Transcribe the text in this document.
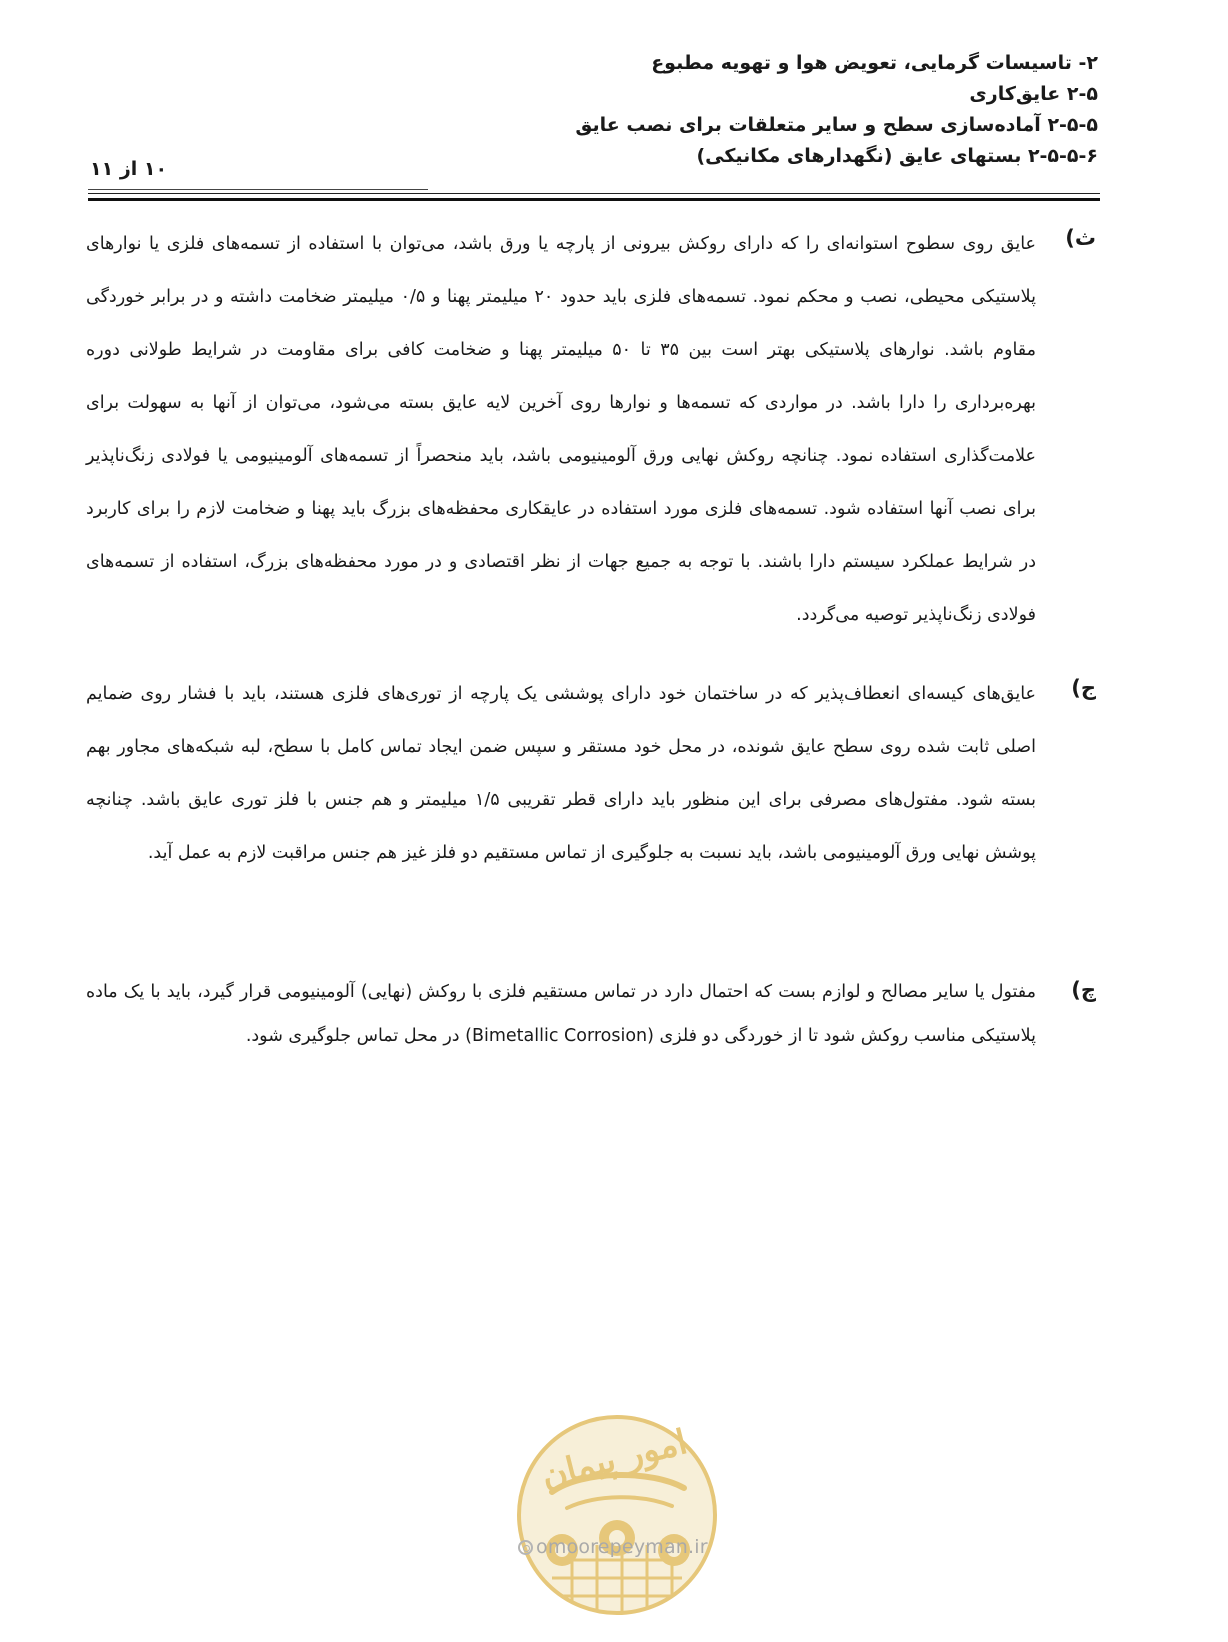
۲- تاسیسات گرمایی، تعویض هوا و تهویه مطبوع
۲-۵ عایق‌کاری
۲-۵-۵ آماده‌سازی سطح و سایر متعلقات برای نصب عایق
۲-۵-۵-۶ بستهای عایق (نگهدارهای مکانیکی)
۱۰ از ۱۱
ث)
عایق روی سطوح استوانه‌ای را که دارای روکش بیرونی از پارچه یا ورق باشد، می‌توان با استفاده از تسمه‌های فلزی یا نوارهای پلاستیکی محیطی، نصب و محکم نمود. تسمه‌های فلزی باید حدود ۲۰ میلیمتر پهنا و ۰/۵ میلیمتر ضخامت داشته و در برابر خوردگی مقاوم باشد. نوارهای پلاستیکی بهتر است بین ۳۵ تا ۵۰ میلیمتر پهنا و ضخامت کافی برای مقاومت در شرایط طولانی دوره بهره‌برداری را دارا باشد. در مواردی که تسمه‌ها و نوارها روی آخرین لایه عایق بسته می‌شود، می‌توان از آنها به سهولت برای علامت‌گذاری استفاده نمود. چنانچه روکش نهایی ورق آلومینیومی باشد، باید منحصراً از تسمه‌های آلومینیومی یا فولادی زنگ‌ناپذیر برای نصب آنها استفاده شود. تسمه‌های فلزی مورد استفاده در عایقکاری محفظه‌های بزرگ باید پهنا و ضخامت لازم را برای کاربرد در شرایط عملکرد سیستم دارا باشند. با توجه به جمیع جهات از نظر اقتصادی و در مورد محفظه‌های بزرگ، استفاده از تسمه‌های فولادی زنگ‌ناپذیر توصیه می‌گردد.
ج)
عایق‌های کیسه‌ای انعطاف‌پذیر که در ساختمان خود دارای پوششی یک پارچه از توری‌های فلزی هستند، باید با فشار روی ضمایم اصلی ثابت شده روی سطح عایق شونده، در محل خود مستقر و سپس ضمن ایجاد تماس کامل با سطح، لبه شبکه‌های مجاور بهم بسته شود. مفتول‌های مصرفی برای این منظور باید دارای قطر تقریبی ۱/۵ میلیمتر و هم جنس با فلز توری عایق باشد. چنانچه پوشش نهایی ورق آلومینیومی باشد، باید نسبت به جلوگیری از تماس مستقیم دو فلز غیز هم جنس مراقبت لازم به عمل آید.
چ)
مفتول یا سایر مصالح و لوازم بست که احتمال دارد در تماس مستقیم فلزی با روکش (نهایی) آلومینیومی قرار گیرد، باید با یک ماده پلاستیکی مناسب روکش شود تا از خوردگی دو فلزی (Bimetallic Corrosion) در محل تماس جلوگیری شود.
امور پیمان
omoorepeyman.ir
